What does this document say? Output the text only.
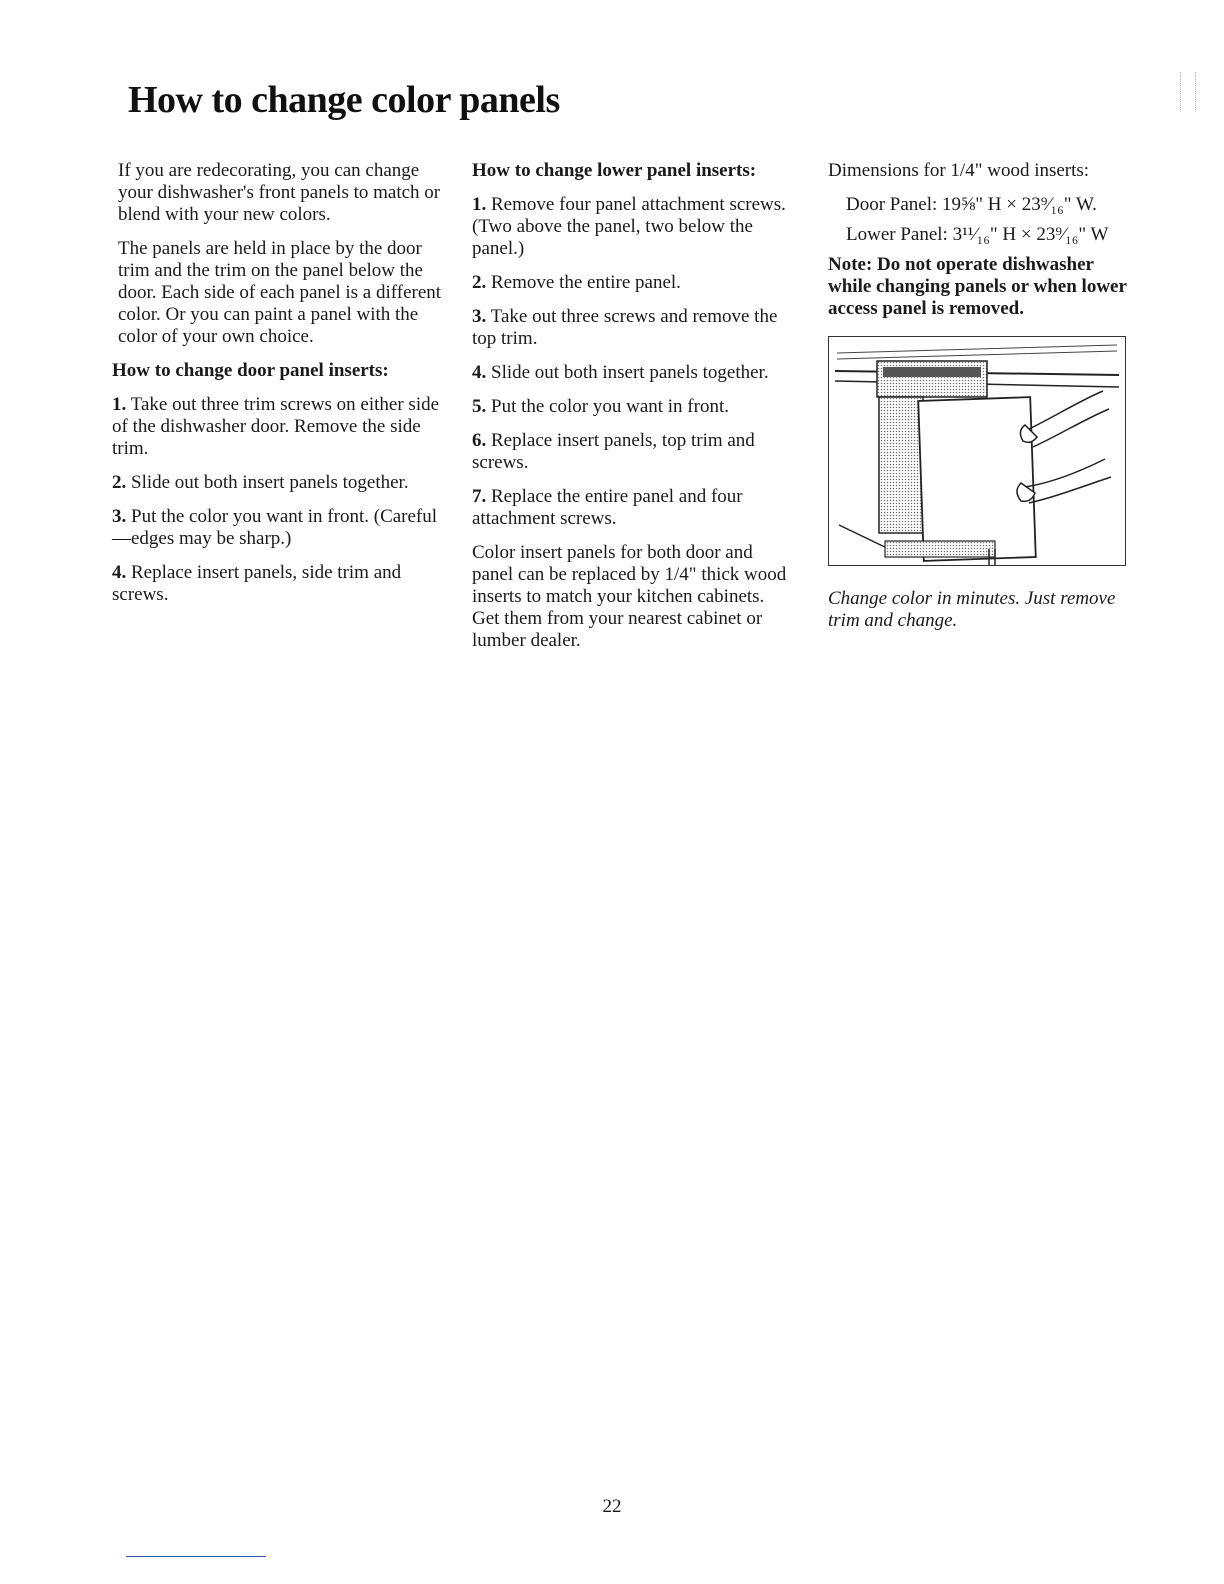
How to change color panels

If you are redecorating, you can change your dishwasher's front panels to match or blend with your new colors.

The panels are held in place by the door trim and the trim on the panel below the door. Each side of each panel is a different color. Or you can paint a panel with the color of your own choice.

How to change door panel inserts:

1. Take out three trim screws on either side of the dishwasher door. Remove the side trim.

2. Slide out both insert panels together.

3. Put the color you want in front. (Careful—edges may be sharp.)

4. Replace insert panels, side trim and screws.

How to change lower panel inserts:

1. Remove four panel attachment screws. (Two above the panel, two below the panel.)

2. Remove the entire panel.

3. Take out three screws and remove the top trim.

4. Slide out both insert panels together.

5. Put the color you want in front.

6. Replace insert panels, top trim and screws.

7. Replace the entire panel and four attachment screws.

Color insert panels for both door and panel can be replaced by 1/4" thick wood inserts to match your kitchen cabinets. Get them from your nearest cabinet or lumber dealer.

Dimensions for 1/4" wood inserts:

Door Panel: 19⅝" H × 23⁹⁄₁₆" W.

Lower Panel: 3¹¹⁄₁₆" H × 23⁹⁄₁₆" W

Note: Do not operate dishwasher while changing panels or when lower access panel is removed.

Change color in minutes. Just remove trim and change.

22
